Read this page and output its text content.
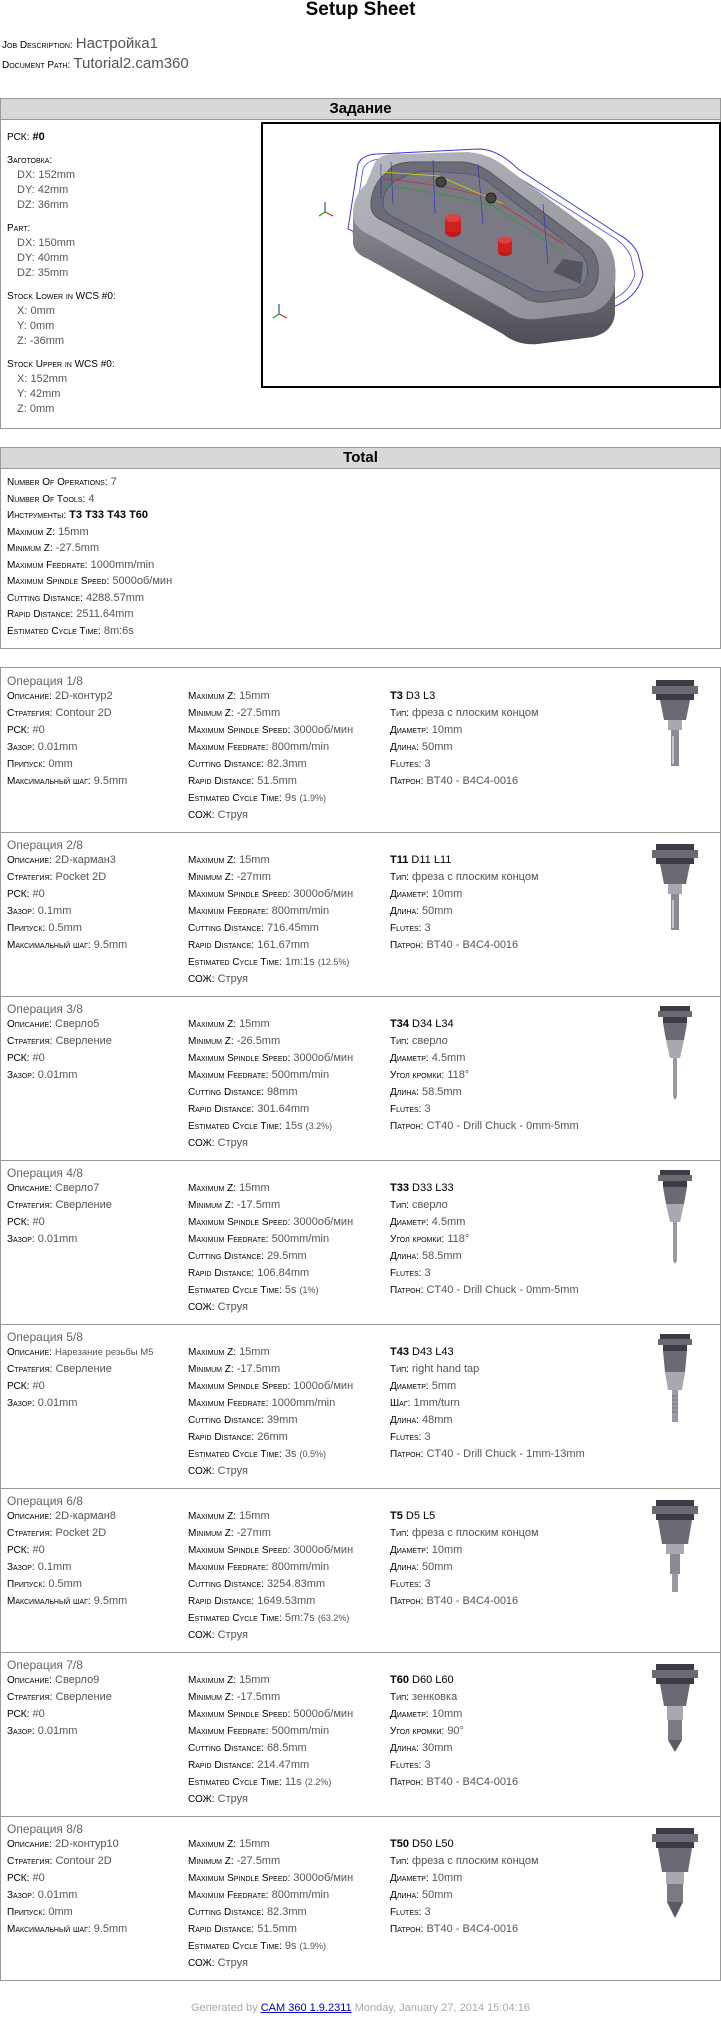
Setup Sheet
Job Description: Настройка1
Document Path: Tutorial2.cam360
Задание
РСК: #0
Заготовка:
DX: 152mm
DY: 42mm
DZ: 36mm
Part:
DX: 150mm
DY: 40mm
DZ: 35mm
Stock Lower in WCS #0:
X: 0mm
Y: 0mm
Z: -36mm
Stock Upper in WCS #0:
X: 152mm
Y: 42mm
Z: 0mm
Total
Number Of Operations: 7
Number Of Tools: 4
Инструменты: T3 T33 T43 T60
Maximum Z: 15mm
Minimum Z: -27.5mm
Maximum Feedrate: 1000mm/min
Maximum Spindle Speed: 5000об/мин
Cutting Distance: 4288.57mm
Rapid Distance: 2511.64mm
Estimated Cycle Time: 8m:6s
Операция 1/8
Описание: 2D-контур2
Стратегия: Contour 2D
РСК: #0
Зазор: 0.01mm
Припуск: 0mm
Максимальный шаг: 9.5mm
Maximum Z: 15mm
Minimum Z: -27.5mm
Maximum Spindle Speed: 3000об/мин
Maximum Feedrate: 800mm/min
Cutting Distance: 82.3mm
Rapid Distance: 51.5mm
Estimated Cycle Time: 9s (1.9%)
СОЖ: Струя
T3 D3 L3
Тип: фреза с плоским концом
Диаметр: 10mm
Длина: 50mm
Flutes: 3
Патрон: BT40 - B4C4-0016
Операция 2/8
Описание: 2D-карман3
Стратегия: Pocket 2D
РСК: #0
Зазор: 0.1mm
Припуск: 0.5mm
Максимальный шаг: 9.5mm
Maximum Z: 15mm
Minimum Z: -27mm
Maximum Spindle Speed: 3000об/мин
Maximum Feedrate: 800mm/min
Cutting Distance: 716.45mm
Rapid Distance: 161.67mm
Estimated Cycle Time: 1m:1s (12.5%)
СОЖ: Струя
T11 D11 L11
Тип: фреза с плоским концом
Диаметр: 10mm
Длина: 50mm
Flutes: 3
Патрон: BT40 - B4C4-0016
Операция 3/8
Описание: Сверло5
Стратегия: Сверление
РСК: #0
Зазор: 0.01mm
Maximum Z: 15mm
Minimum Z: -26.5mm
Maximum Spindle Speed: 3000об/мин
Maximum Feedrate: 500mm/min
Cutting Distance: 98mm
Rapid Distance: 301.64mm
Estimated Cycle Time: 15s (3.2%)
СОЖ: Струя
T34 D34 L34
Тип: сверло
Диаметр: 4.5mm
Угол кромки: 118°
Длина: 58.5mm
Flutes: 3
Патрон: CT40 - Drill Chuck - 0mm-5mm
Операция 4/8
Описание: Сверло7
Стратегия: Сверление
РСК: #0
Зазор: 0.01mm
Maximum Z: 15mm
Minimum Z: -17.5mm
Maximum Spindle Speed: 3000об/мин
Maximum Feedrate: 500mm/min
Cutting Distance: 29.5mm
Rapid Distance: 106.84mm
Estimated Cycle Time: 5s (1%)
СОЖ: Струя
T33 D33 L33
Тип: сверло
Диаметр: 4.5mm
Угол кромки: 118°
Длина: 58.5mm
Flutes: 3
Патрон: CT40 - Drill Chuck - 0mm-5mm
Операция 5/8
Описание: Нарезание резьбы M5
Стратегия: Сверление
РСК: #0
Зазор: 0.01mm
Maximum Z: 15mm
Minimum Z: -17.5mm
Maximum Spindle Speed: 1000об/мин
Maximum Feedrate: 1000mm/min
Cutting Distance: 39mm
Rapid Distance: 26mm
Estimated Cycle Time: 3s (0.5%)
СОЖ: Струя
T43 D43 L43
Тип: right hand tap
Диаметр: 5mm
Шаг: 1mm/turn
Длина: 48mm
Flutes: 3
Патрон: CT40 - Drill Chuck - 1mm-13mm
Операция 6/8
Описание: 2D-карман8
Стратегия: Pocket 2D
РСК: #0
Зазор: 0.1mm
Припуск: 0.5mm
Максимальный шаг: 9.5mm
Maximum Z: 15mm
Minimum Z: -27mm
Maximum Spindle Speed: 3000об/мин
Maximum Feedrate: 800mm/min
Cutting Distance: 3254.83mm
Rapid Distance: 1649.53mm
Estimated Cycle Time: 5m:7s (63.2%)
СОЖ: Струя
T5 D5 L5
Тип: фреза с плоским концом
Диаметр: 10mm
Длина: 50mm
Flutes: 3
Патрон: BT40 - B4C4-0016
Операция 7/8
Описание: Сверло9
Стратегия: Сверление
РСК: #0
Зазор: 0.01mm
Maximum Z: 15mm
Minimum Z: -17.5mm
Maximum Spindle Speed: 5000об/мин
Maximum Feedrate: 500mm/min
Cutting Distance: 68.5mm
Rapid Distance: 214.47mm
Estimated Cycle Time: 11s (2.2%)
СОЖ: Струя
T60 D60 L60
Тип: зенковка
Диаметр: 10mm
Угол кромки: 90°
Длина: 30mm
Flutes: 3
Патрон: BT40 - B4C4-0016
Операция 8/8
Описание: 2D-контур10
Стратегия: Contour 2D
РСК: #0
Зазор: 0.01mm
Припуск: 0mm
Максимальный шаг: 9.5mm
Maximum Z: 15mm
Minimum Z: -27.5mm
Maximum Spindle Speed: 3000об/мин
Maximum Feedrate: 800mm/min
Cutting Distance: 82.3mm
Rapid Distance: 51.5mm
Estimated Cycle Time: 9s (1.9%)
СОЖ: Струя
T50 D50 L50
Тип: фреза с плоским концом
Диаметр: 10mm
Длина: 50mm
Flutes: 3
Патрон: BT40 - B4C4-0016
Generated by CAM 360 1.9.2311 Monday, January 27, 2014 15:04:16
